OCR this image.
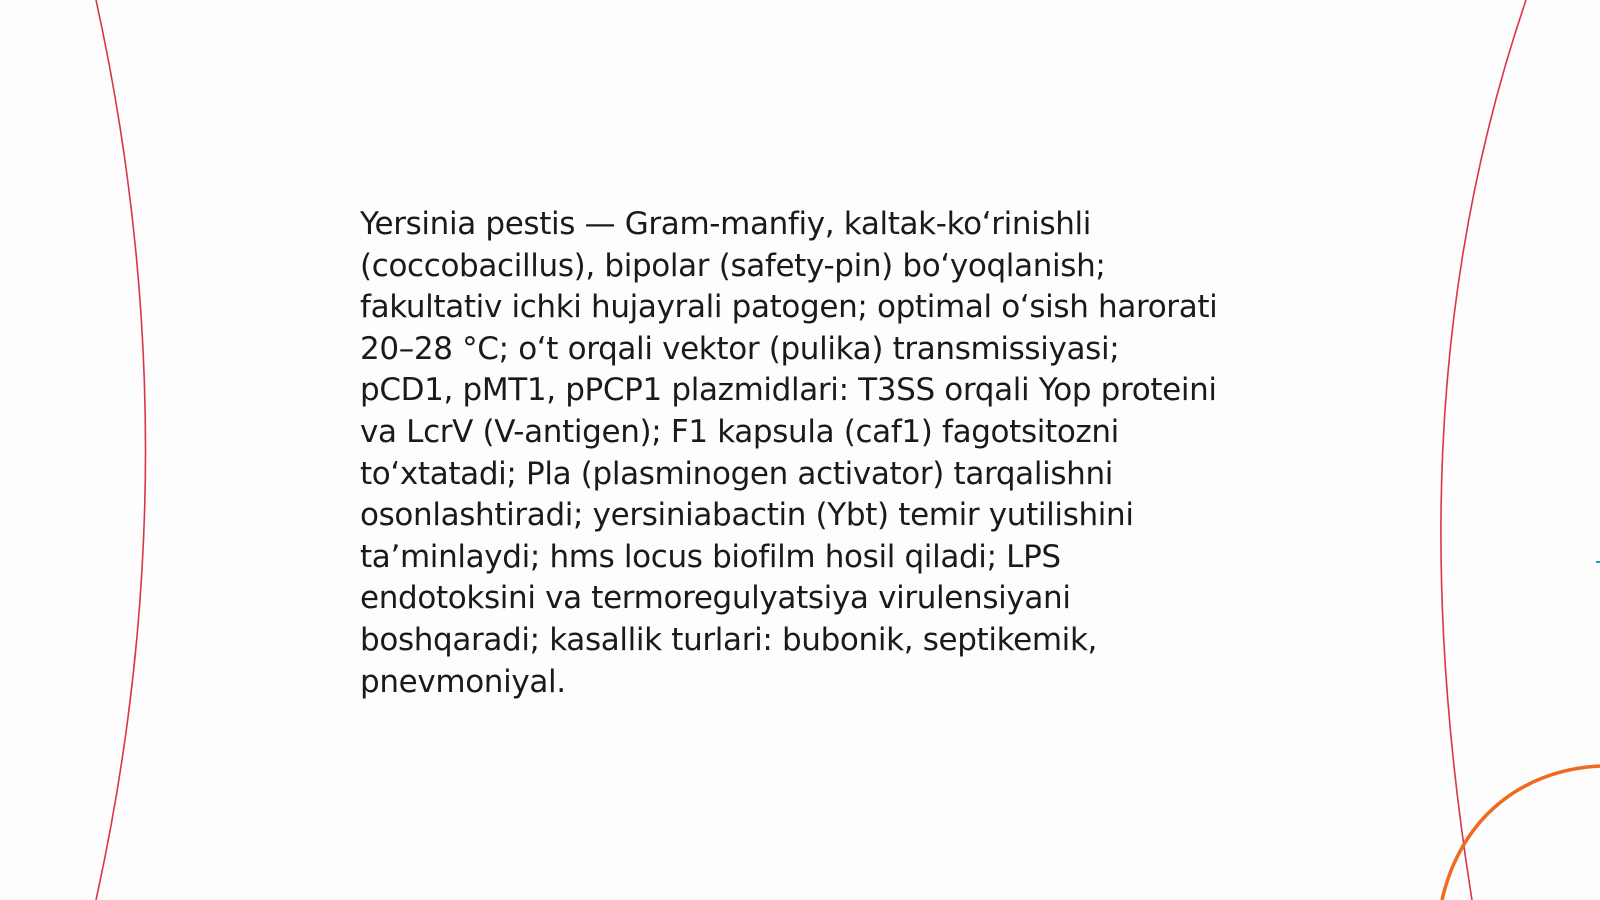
Yersinia pestis — Gram-manfiy, kaltak-koʻrinishli (coccobacillus), bipolar (safety-pin) boʻyoqlanish; fakultativ ichki hujayrali patogen; optimal oʻsish harorati 20–28 °C; oʻt orqali vektor (pulika) transmissiyasi; pCD1, pMT1, pPCP1 plazmidlari: T3SS orqali Yop proteini va LcrV (V-antigen); F1 kapsula (caf1) fagotsitozni toʻxtatadi; Pla (plasminogen activator) tarqalishni osonlashtiradi; yersiniabactin (Ybt) temir yutilishini taʼminlaydi; hms locus biofilm hosil qiladi; LPS endotoksini va termoregulyatsiya virulensiyani boshqaradi; kasallik turlari: bubonik, septikemik, pnevmoniyal.
